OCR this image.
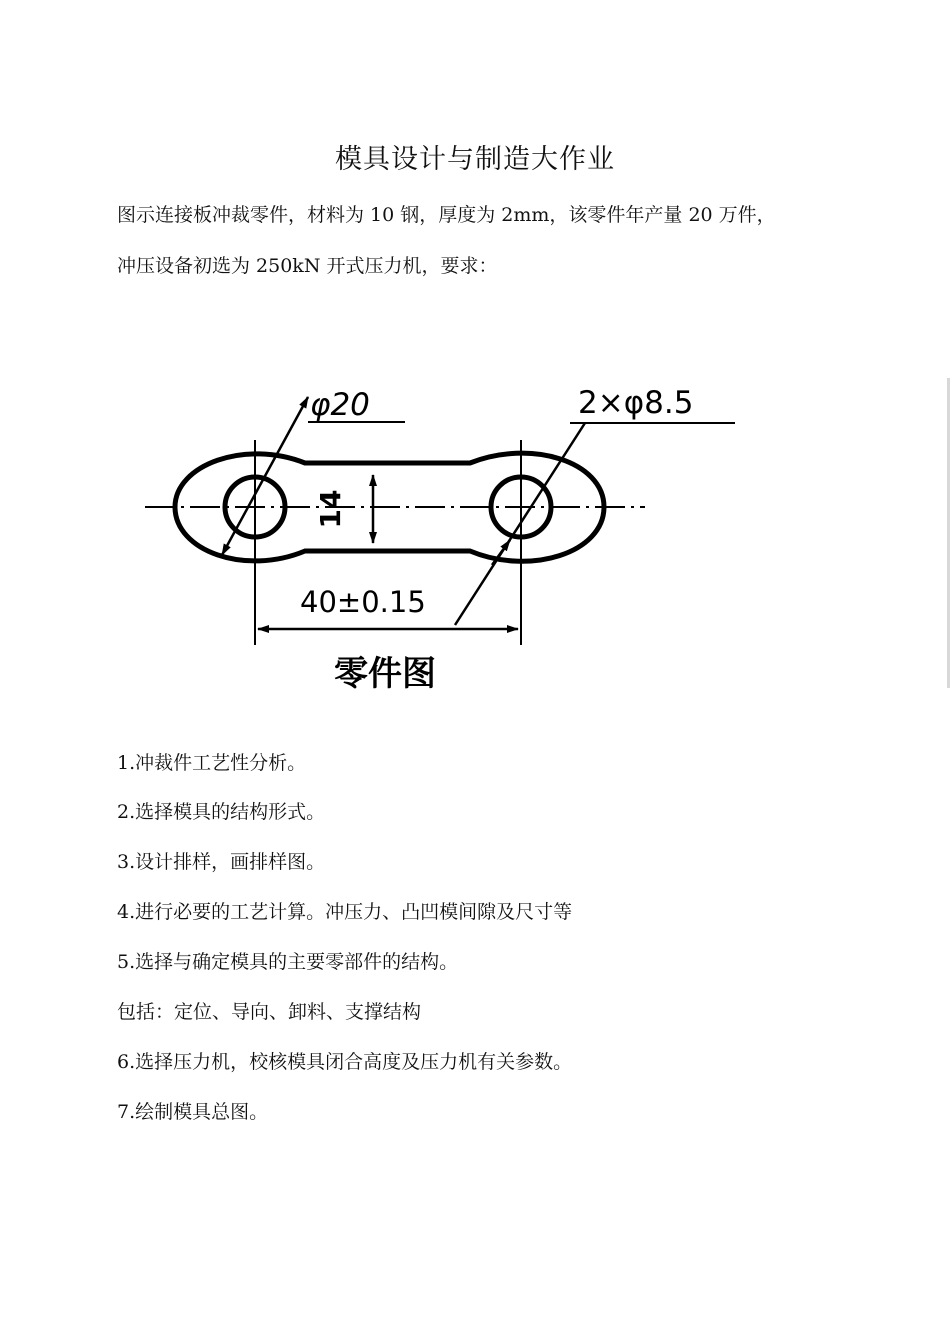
模具设计与制造大作业
图示连接板冲裁零件，材料为 10 钢，厚度为 2mm，该零件年产量 20 万件，
冲压设备初选为 250kN 开式压力机，要求：
14
φ20	2×φ8.5
40±0.15
零件图
1.冲裁件工艺性分析。
2.选择模具的结构形式。
3.设计排样，画排样图。
4.进行必要的工艺计算。冲压力、凸凹模间隙及尺寸等
5.选择与确定模具的主要零部件的结构。
包括：定位、导向、卸料、支撑结构
6.选择压力机，校核模具闭合高度及压力机有关参数。
7.绘制模具总图。
